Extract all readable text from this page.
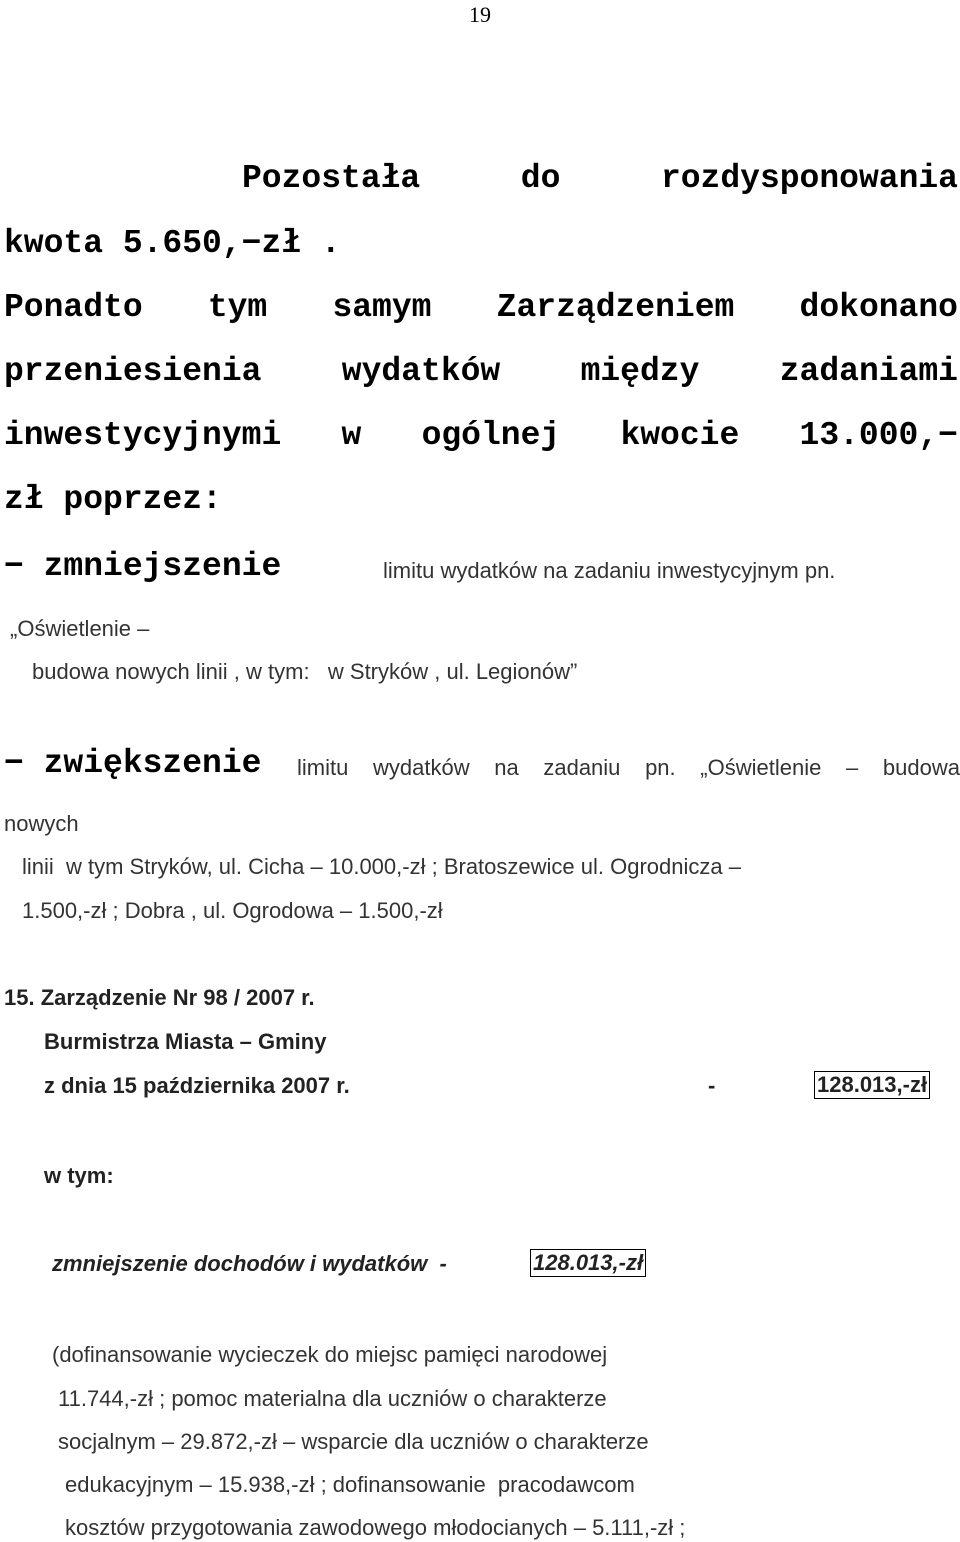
19
Pozostała	do	rozdysponowania
kwota 5.650,−zł .
Ponadto tym samym Zarządzeniem dokonano
przeniesienia wydatków między zadaniami
inwestycyjnymi w ogólnej kwocie 13.000,−
zł poprzez:
− zmniejszenie	limitu wydatków na zadaniu inwestycyjnym pn.
„Oświetlenie –
budowa nowych linii , w tym:   w Stryków , ul. Legionów”
− zwiększenie limitu wydatków na zadaniu pn. „Oświetlenie – budowa
nowych
linii  w tym Stryków, ul. Cicha – 10.000,-zł ; Bratoszewice ul. Ogrodnicza –
1.500,-zł ; Dobra , ul. Ogrodowa – 1.500,-zł
15. Zarządzenie Nr 98 / 2007 r.
Burmistrza Miasta – Gminy
z dnia 15 października 2007 r.	-	128.013,-zł
w tym:
zmniejszenie dochodów i wydatków  -	128.013,-zł
(dofinansowanie wycieczek do miejsc pamięci narodowej
11.744,-zł ; pomoc materialna dla uczniów o charakterze
socjalnym – 29.872,-zł – wsparcie dla uczniów o charakterze
edukacyjnym – 15.938,-zł ; dofinansowanie  pracodawcom
kosztów przygotowania zawodowego młodocianych – 5.111,-zł ;
